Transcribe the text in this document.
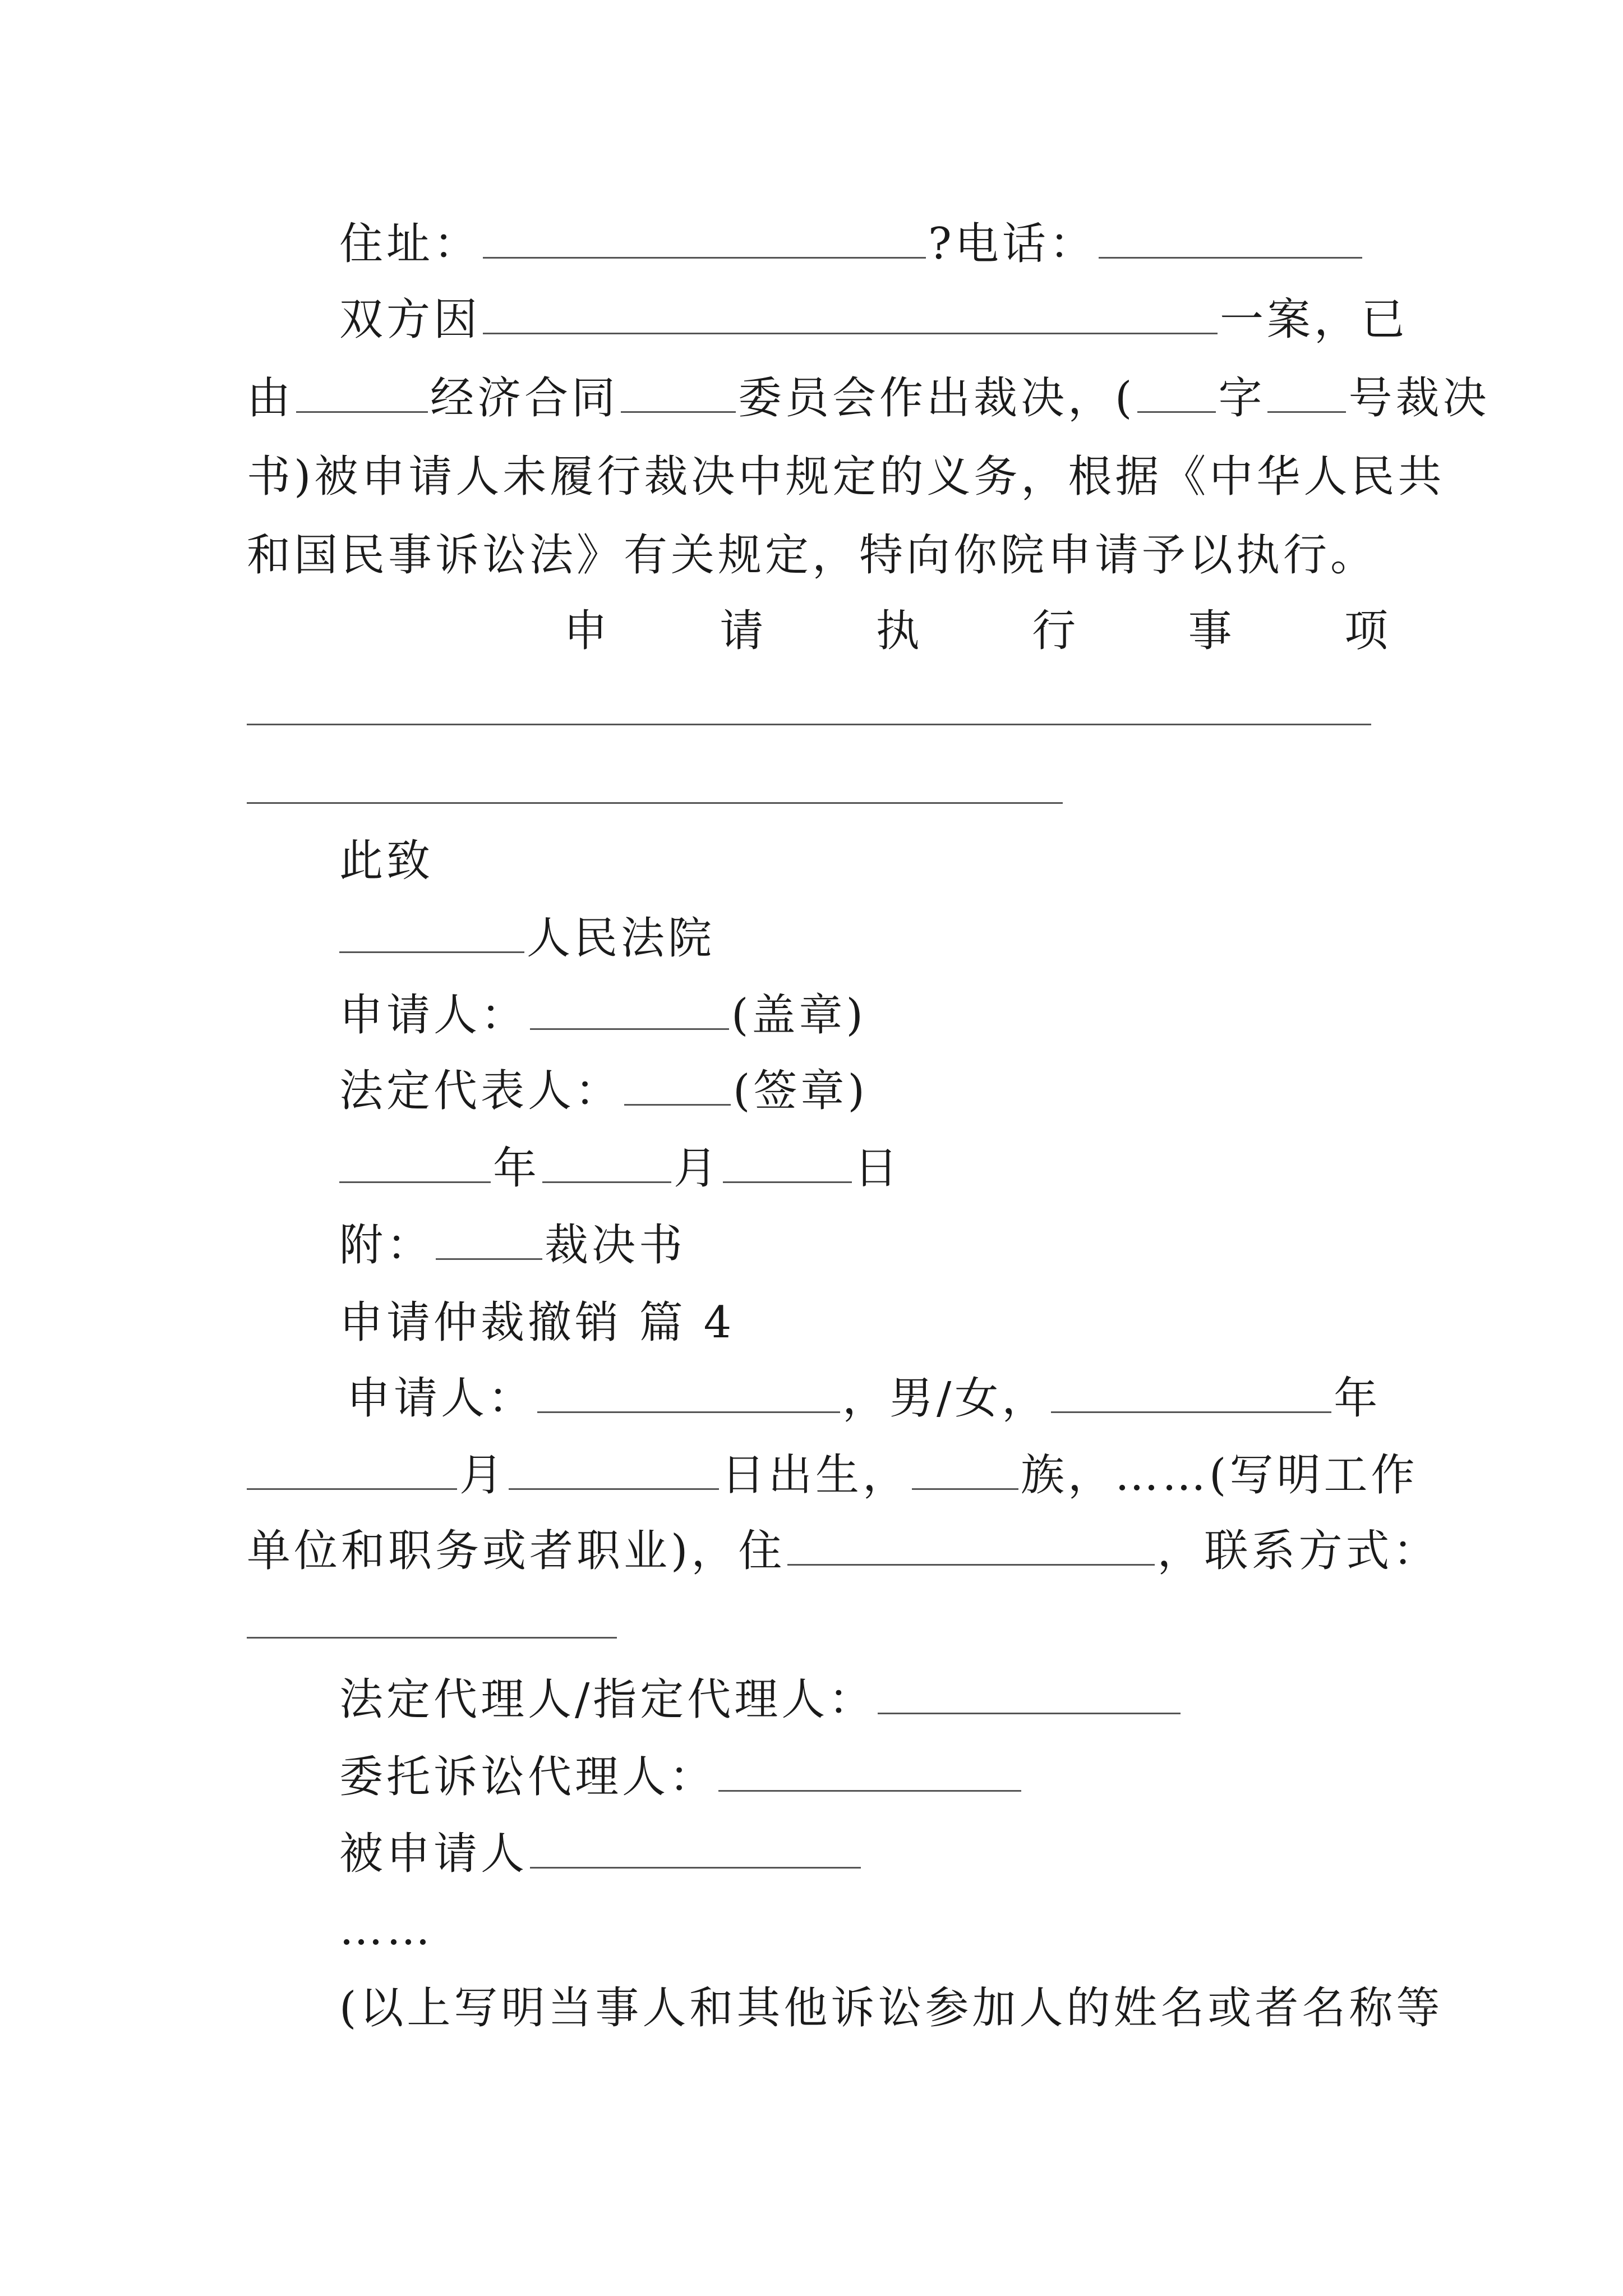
住址：	?电话：
双方因	一案，已
由	经济合同	委员会作出裁决，( 字 号裁决
书)被申请人未履行裁决中规定的义务，根据《中华人民共
和国民事诉讼法》有关规定，特向你院申请予以执行。
申	请	执	行	事	项
此致
人民法院
申请人：	(盖章)
法定代表人：	(签章)
年	月	日
附：	裁决书
申请仲裁撤销 篇 4
申请人：	，男/女，	年
月	日出生，	族，……(写明工作
单位和职务或者职业)，住	，联系方式：
法定代理人/指定代理人：
委托诉讼代理人：
被申请人
……
(以上写明当事人和其他诉讼参加人的姓名或者名称等
